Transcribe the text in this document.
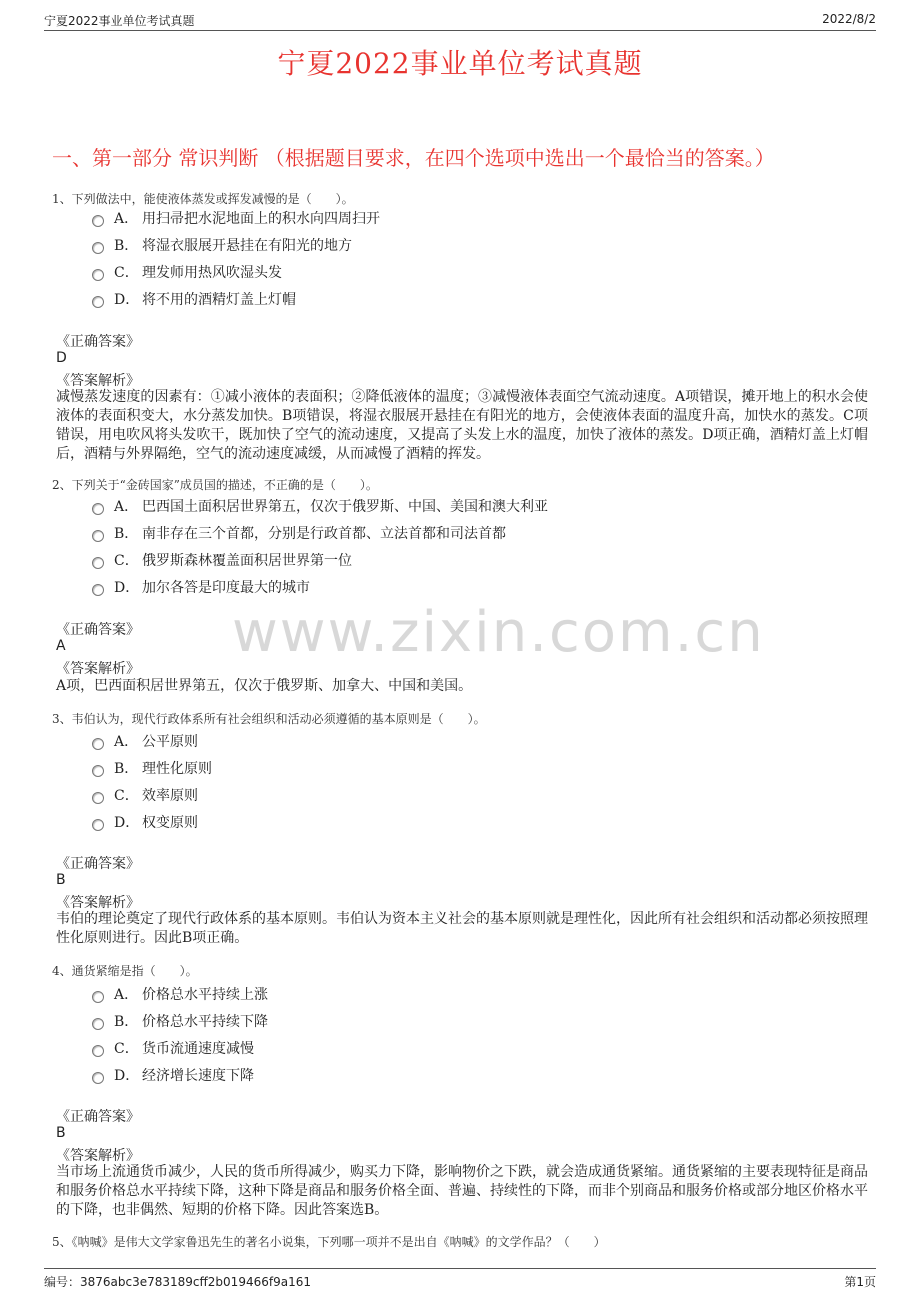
宁夏2022事业单位考试真题	2022/8/2
宁夏2022事业单位考试真题
一、第一部分 常识判断 （根据题目要求，在四个选项中选出一个最恰当的答案。）
www.zixin.com.cn
1、下列做法中，能使液体蒸发或挥发减慢的是（　　）。
A． 用扫帚把水泥地面上的积水向四周扫开
B． 将湿衣服展开悬挂在有阳光的地方
C． 理发师用热风吹湿头发
D． 将不用的酒精灯盖上灯帽
《正确答案》
D
《答案解析》
减慢蒸发速度的因素有：①减小液体的表面积；②降低液体的温度；③减慢液体表面空气流动速度。A项错误，摊开地上的积水会使液体的表面积变大，水分蒸发加快。B项错误，将湿衣服展开悬挂在有阳光的地方，会使液体表面的温度升高，加快水的蒸发。C项错误，用电吹风将头发吹干，既加快了空气的流动速度，又提高了头发上水的温度，加快了液体的蒸发。D项正确，酒精灯盖上灯帽后，酒精与外界隔绝，空气的流动速度减缓，从而减慢了酒精的挥发。
2、下列关于“金砖国家”成员国的描述，不正确的是（　　）。
A． 巴西国土面积居世界第五，仅次于俄罗斯、中国、美国和澳大利亚
B． 南非存在三个首都，分别是行政首都、立法首都和司法首都
C． 俄罗斯森林覆盖面积居世界第一位
D． 加尔各答是印度最大的城市
《正确答案》
A
《答案解析》
A项，巴西面积居世界第五，仅次于俄罗斯、加拿大、中国和美国。
3、韦伯认为，现代行政体系所有社会组织和活动必须遵循的基本原则是（　　）。
A． 公平原则
B． 理性化原则
C． 效率原则
D． 权变原则
《正确答案》
B
《答案解析》
韦伯的理论奠定了现代行政体系的基本原则。韦伯认为资本主义社会的基本原则就是理性化，因此所有社会组织和活动都必须按照理性化原则进行。因此B项正确。
4、通货紧缩是指（　　）。
A． 价格总水平持续上涨
B． 价格总水平持续下降
C． 货币流通速度减慢
D． 经济增长速度下降
《正确答案》
B
《答案解析》
当市场上流通货币减少，人民的货币所得减少，购买力下降，影响物价之下跌，就会造成通货紧缩。通货紧缩的主要表现特征是商品和服务价格总水平持续下降，这种下降是商品和服务价格全面、普遍、持续性的下降，而非个别商品和服务价格或部分地区价格水平的下降，也非偶然、短期的价格下降。因此答案选B。
5、《呐喊》是伟大文学家鲁迅先生的著名小说集，下列哪一项并不是出自《呐喊》的文学作品？（　　）
编号：3876abc3e783189cff2b019466f9a161	第1页
